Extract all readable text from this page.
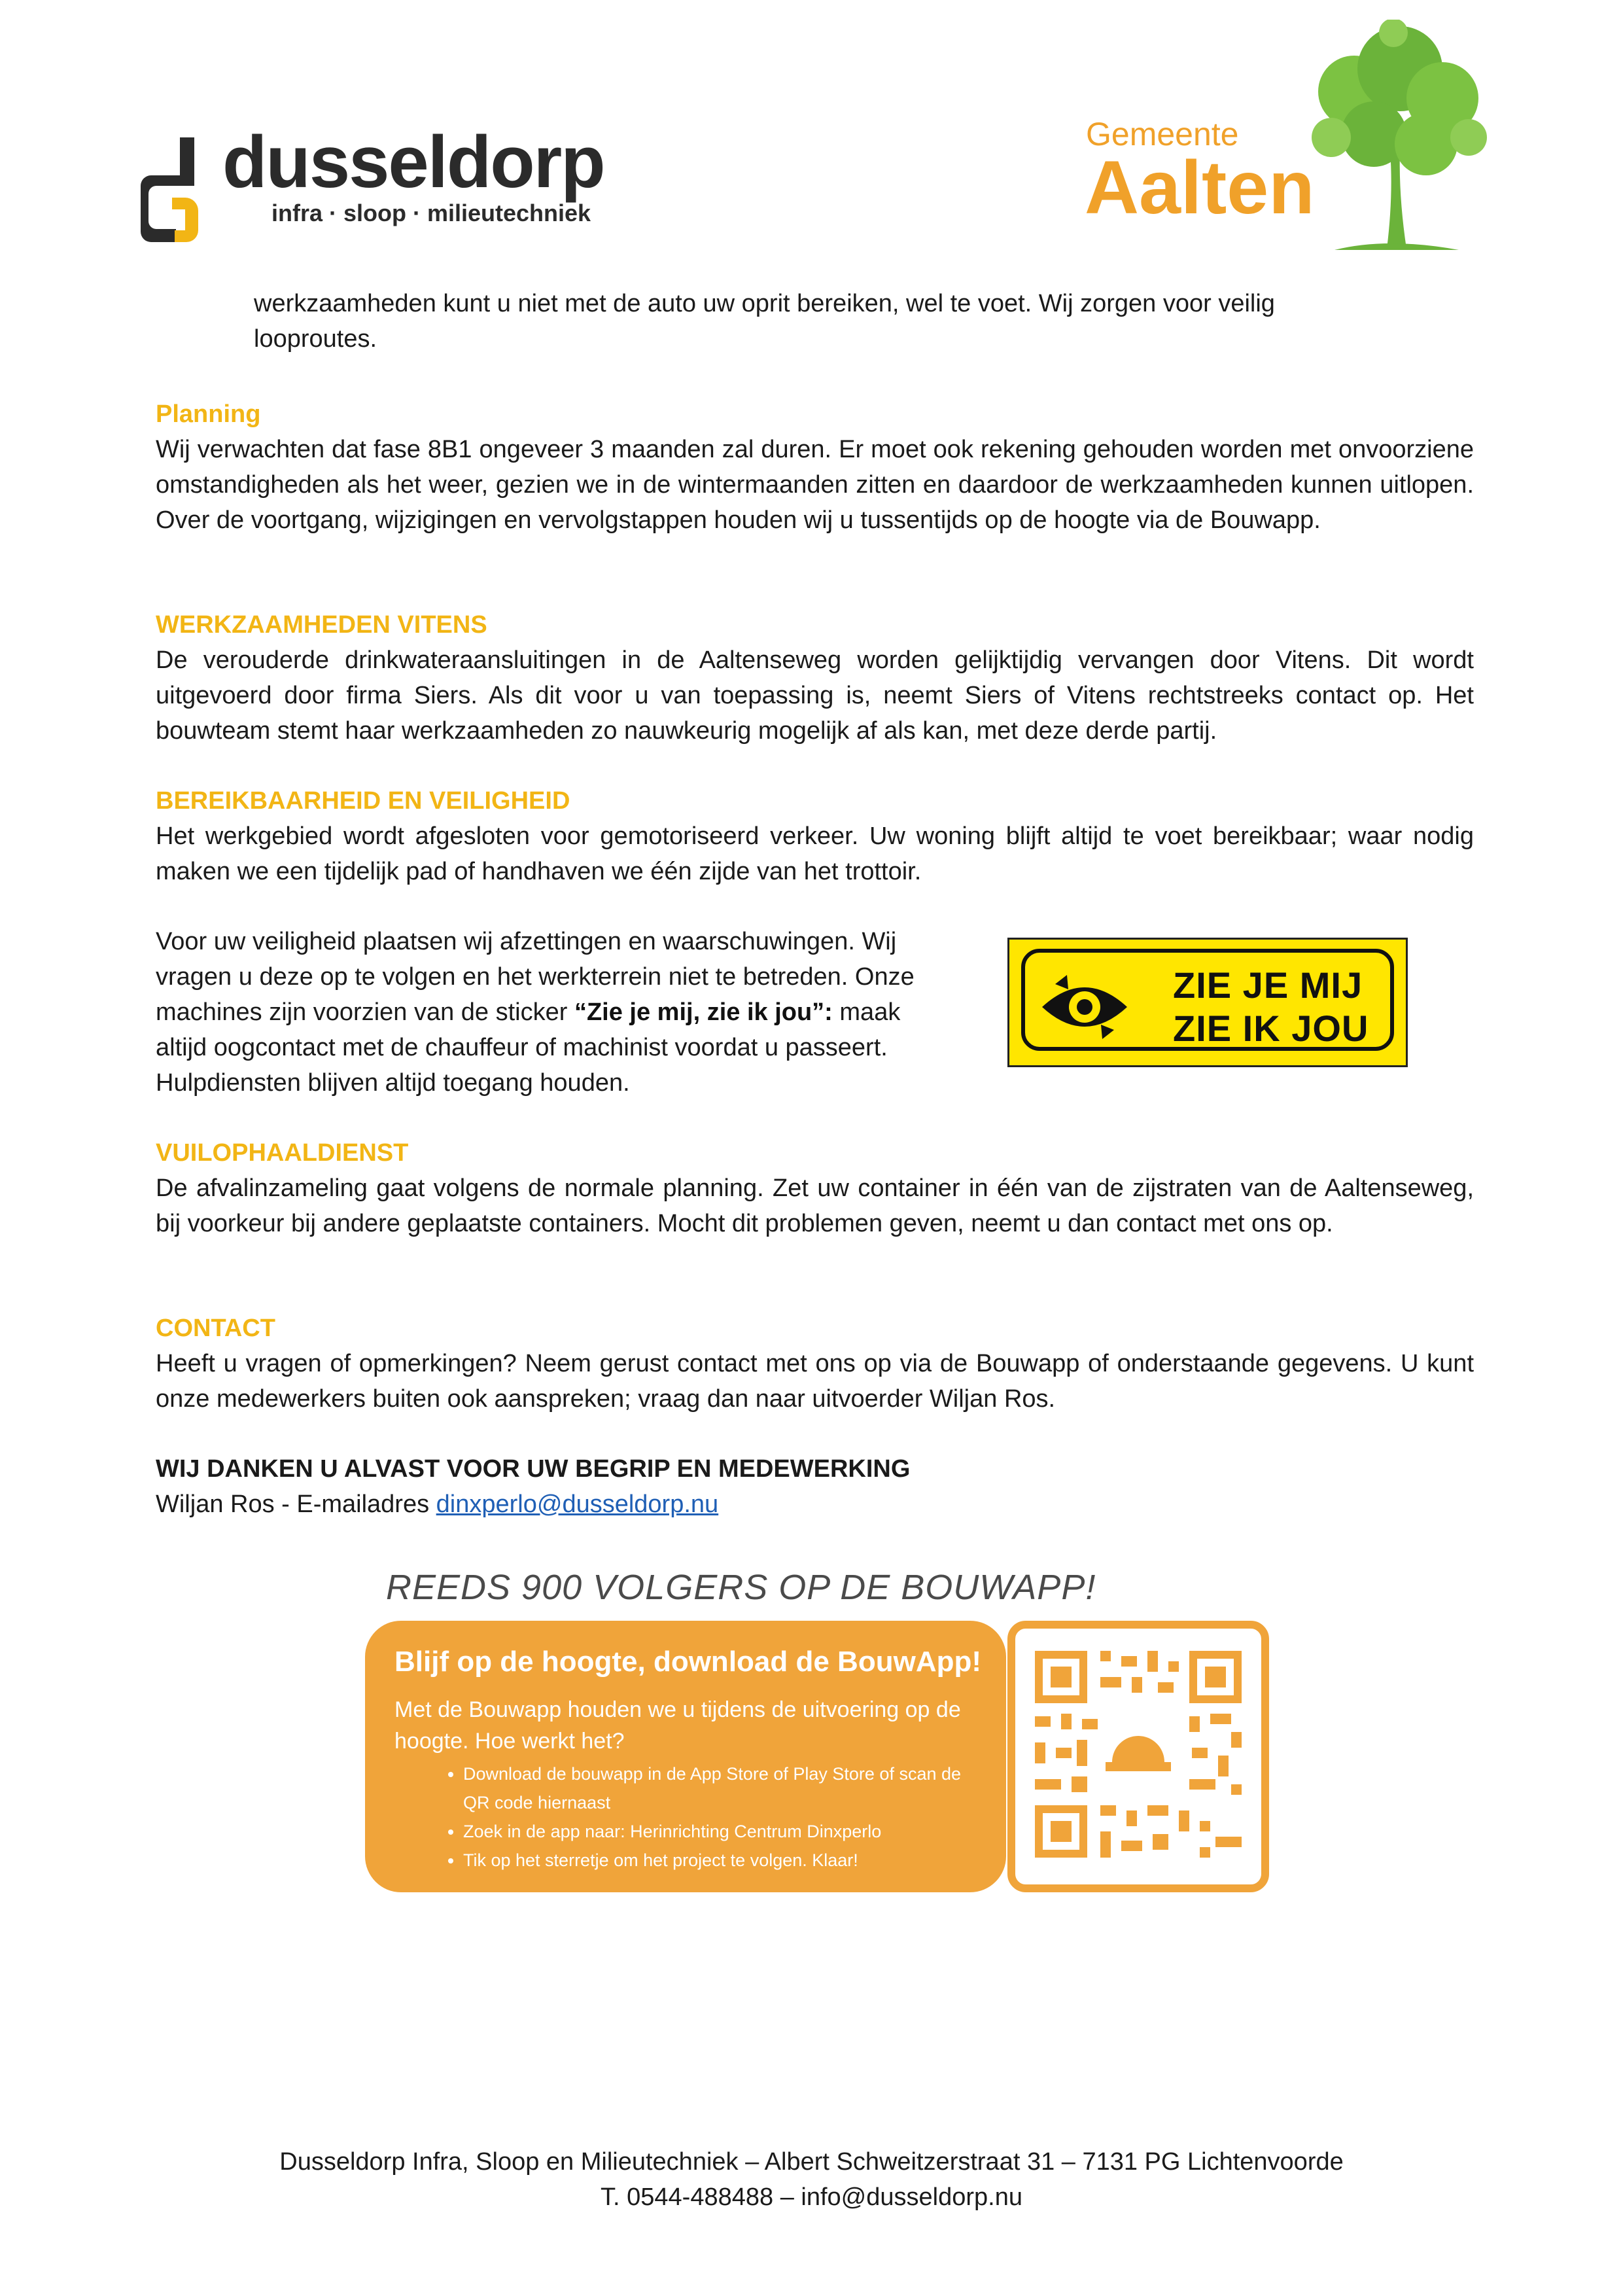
dusseldorp
infra · sloop · milieutechniek
Gemeente
Aalten

werkzaamheden kunt u niet met de auto uw oprit bereiken, wel te voet. Wij zorgen voor veilig looproutes.

Planning

Wij verwachten dat fase 8B1 ongeveer 3 maanden zal duren. Er moet ook rekening gehouden worden met onvoorziene omstandigheden als het weer, gezien we in de wintermaanden zitten en daardoor de werkzaamheden kunnen uitlopen. Over de voortgang, wijzigingen en vervolgstappen houden wij u tussentijds op de hoogte via de Bouwapp.

WERKZAAMHEDEN VITENS

De verouderde drinkwateraansluitingen in de Aaltenseweg worden gelijktijdig vervangen door Vitens. Dit wordt uitgevoerd door firma Siers. Als dit voor u van toepassing is, neemt Siers of Vitens rechtstreeks contact op. Het bouwteam stemt haar werkzaamheden zo nauwkeurig mogelijk af als kan, met deze derde partij.

BEREIKBAARHEID EN VEILIGHEID

Het werkgebied wordt afgesloten voor gemotoriseerd verkeer. Uw woning blijft altijd te voet bereikbaar; waar nodig maken we een tijdelijk pad of handhaven we één zijde van het trottoir.

Voor uw veiligheid plaatsen wij afzettingen en waarschuwingen. Wij vragen u deze op te volgen en het werkterrein niet te betreden. Onze machines zijn voorzien van de sticker “Zie je mij, zie ik jou”: maak altijd oogcontact met de chauffeur of machinist voordat u passeert. Hulpdiensten blijven altijd toegang houden.

ZIE JE MIJ
ZIE IK JOU

VUILOPHAALDIENST

De afvalinzameling gaat volgens de normale planning. Zet uw container in één van de zijstraten van de Aaltenseweg, bij voorkeur bij andere geplaatste containers. Mocht dit problemen geven, neemt u dan contact met ons op.

CONTACT

Heeft u vragen of opmerkingen? Neem gerust contact met ons op via de Bouwapp of onderstaande gegevens. U kunt onze medewerkers buiten ook aanspreken; vraag dan naar uitvoerder Wiljan Ros.

WIJ DANKEN U ALVAST VOOR UW BEGRIP EN MEDEWERKING

Wiljan Ros - E-mailadres dinxperlo@dusseldorp.nu

REEDS 900 VOLGERS OP DE BOUWAPP!
Blijf op de hoogte, download de BouwApp!
Met de Bouwapp houden we u tijdens de uitvoering op de hoogte. Hoe werkt het?
• Download de bouwapp in de App Store of Play Store of scan de QR code hiernaast
• Zoek in de app naar: Herinrichting Centrum Dinxperlo
• Tik op het sterretje om het project te volgen. Klaar!

Dusseldorp Infra, Sloop en Milieutechniek – Albert Schweitzerstraat 31 – 7131 PG Lichtenvoorde

T. 0544-488488 – info@dusseldorp.nu
